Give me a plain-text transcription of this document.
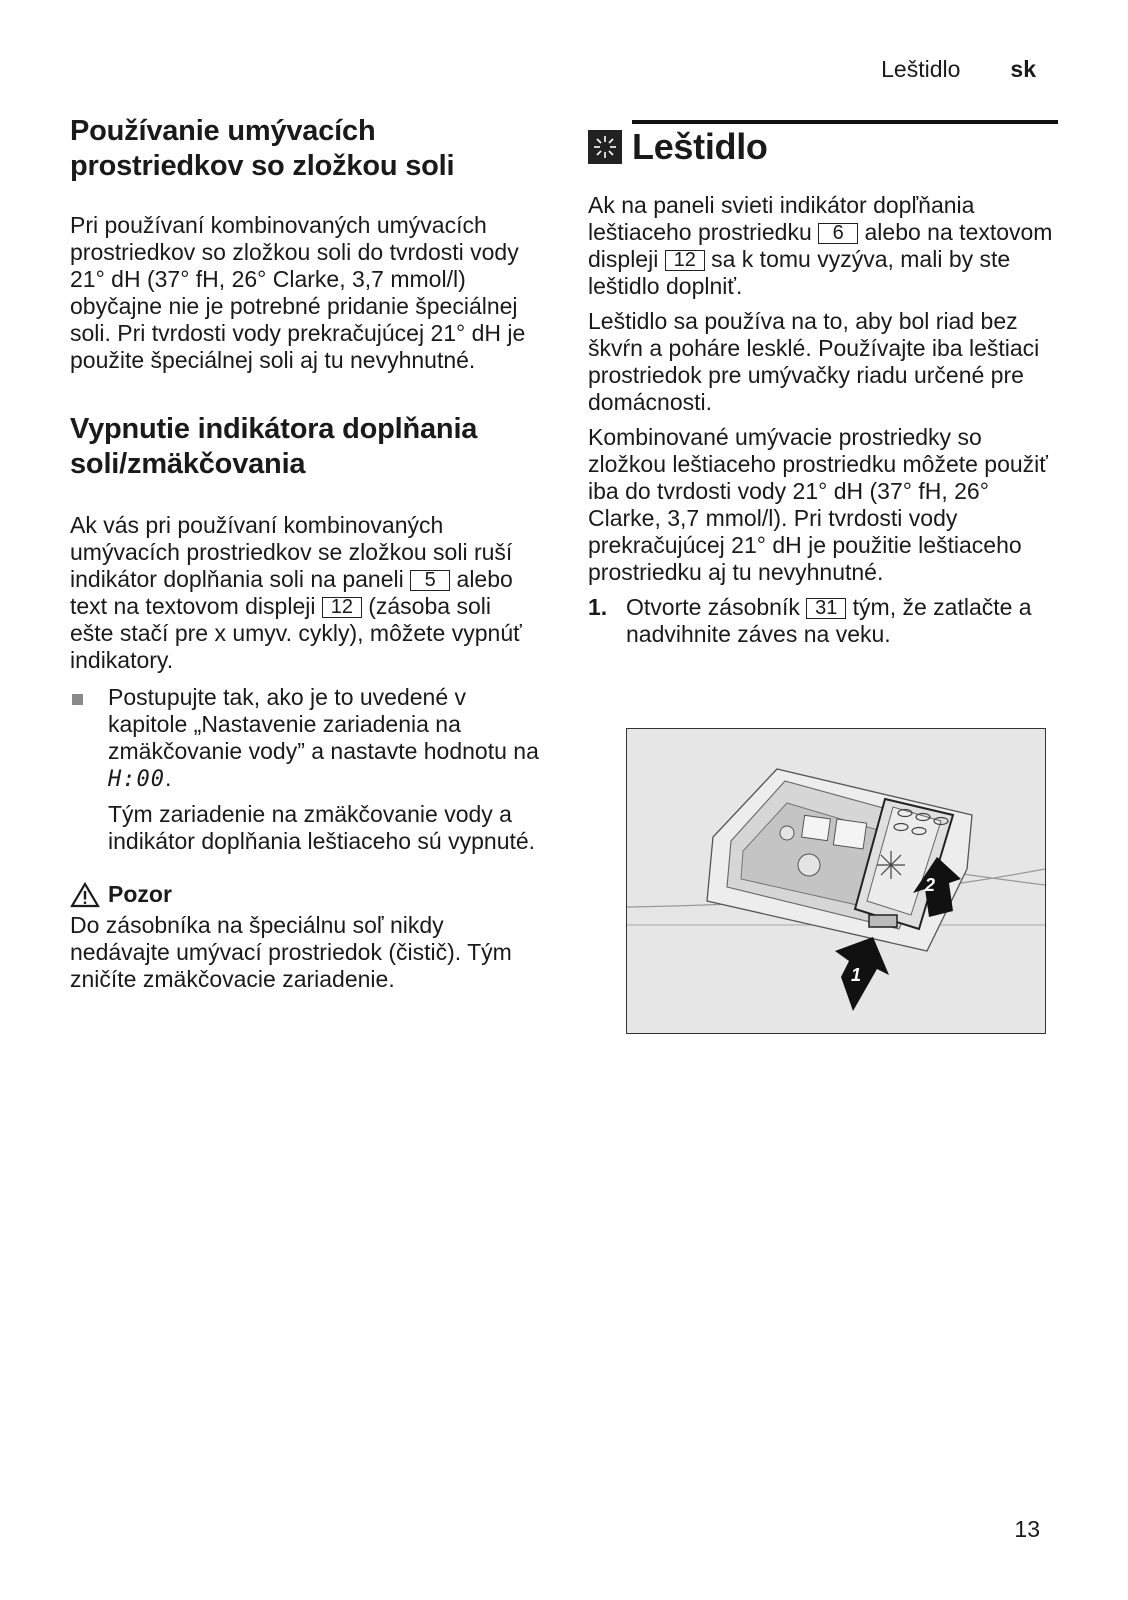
Leštidlo sk
Používanie umývacích prostriedkov so zložkou soli

Pri používaní kombinovaných umývacích prostriedkov so zložkou soli do tvrdosti vody 21° dH (37° fH, 26° Clarke, 3,7 mmol/l) obyčajne nie je potrebné pridanie špeciálnej soli. Pri tvrdosti vody prekračujúcej 21° dH je použite špeciálnej soli aj tu nevyhnutné.

Vypnutie indikátora doplňania soli/zmäkčovania

Ak vás pri používaní kombinovaných umývacích prostriedkov se zložkou soli ruší indikátor doplňania soli na paneli 5 alebo text na textovom displeji 12 (zásoba soli ešte stačí pre x umyv. cykly), môžete vypnúť indikatory.

Postupujte tak, ako je to uvedené v kapitole „Nastavenie zariadenia na zmäkčovanie vody” a nastavte hodnotu na H:00.

Tým zariadenie na zmäkčovanie vody a indikátor doplňania leštiaceho sú vypnuté.

Pozor

Do zásobníka na špeciálnu soľ nikdy nedávajte umývací prostriedok (čistič). Tým zničíte zmäkčovacie zariadenie.

Leštidlo

Ak na paneli svieti indikátor dopľňania leštiaceho prostriedku 6 alebo na textovom displeji 12 sa k tomu vyzýva, mali by ste leštidlo doplniť.

Leštidlo sa používa na to, aby bol riad bez škvŕn a poháre lesklé. Používajte iba leštiaci prostriedok pre umývačky riadu určené pre domácnosti.

Kombinované umývacie prostriedky so zložkou leštiaceho prostriedku môžete použiť iba do tvrdosti vody 21° dH (37° fH, 26° Clarke, 3,7 mmol/l). Pri tvrdosti vody prekračujúcej 21° dH je použitie leštiaceho prostriedku aj tu nevyhnutné.

1. Otvorte zásobník 31 tým, že zatlačte a nadvihnite záves na veku.

1
2
13
